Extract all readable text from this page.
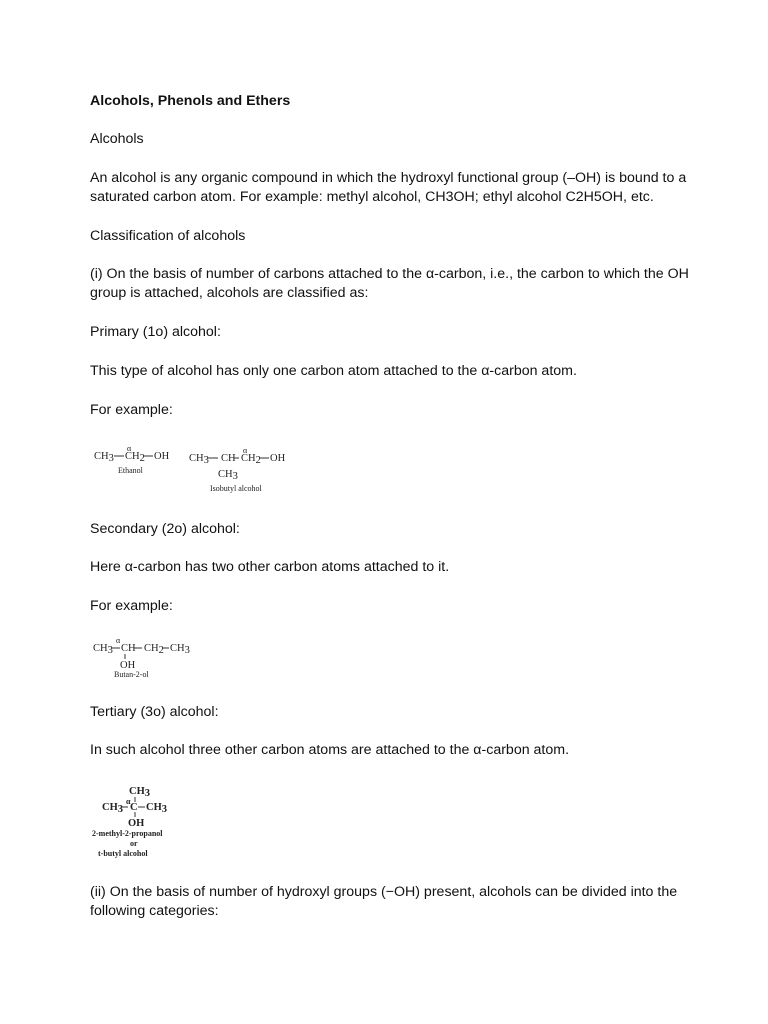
Alcohols, Phenols and Ethers
Alcohols
An alcohol is any organic compound in which the hydroxyl functional group (–OH) is bound to a
saturated carbon atom. For example: methyl alcohol, CH3OH; ethyl alcohol C2H5OH, etc.
Classification of alcohols
(i) On the basis of number of carbons attached to the α-carbon, i.e., the carbon to which the OH
group is attached, alcohols are classified as:
Primary (1o) alcohol:
This type of alcohol has only one carbon atom attached to the α-carbon atom.
For example:
CH3
α
CH2 OH
Ethanol
CH3 CH
α
CH2 OH
CH3
Isobutyl alcohol
Secondary (2o) alcohol:
Here α-carbon has two other carbon atoms attached to it.
For example:
CH3
α
CH CH2 CH3
OH
Butan-2-ol
Tertiary (3o) alcohol:
In such alcohol three other carbon atoms are attached to the α-carbon atom.
CH3
α
CH3 C CH3
OH
2-methyl-2-propanol
or
t-butyl alcohol
(ii) On the basis of number of hydroxyl groups (−OH) present, alcohols can be divided into the
following categories:
